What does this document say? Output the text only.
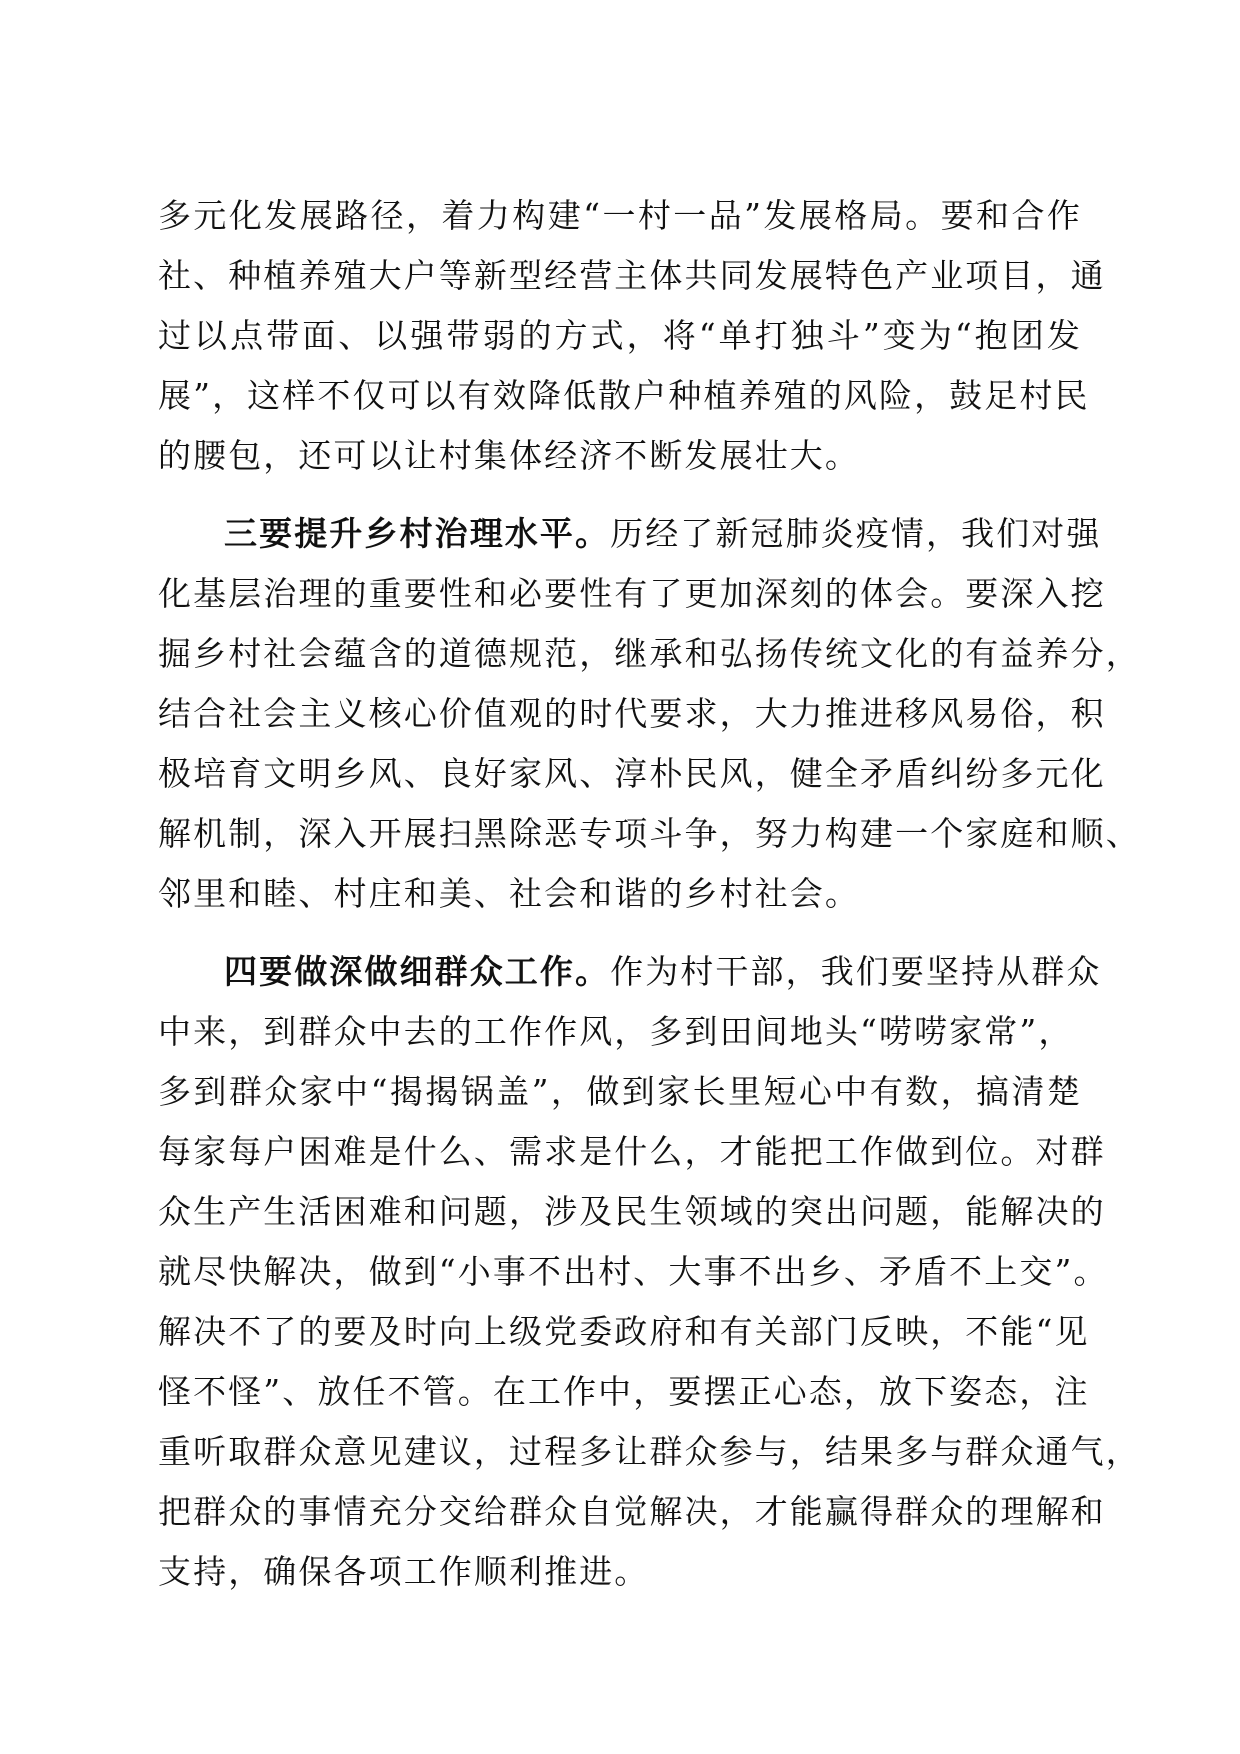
多元化发展路径，着力构建“一村一品”发展格局。要和合作
社、种植养殖大户等新型经营主体共同发展特色产业项目，通
过以点带面、以强带弱的方式，将“单打独斗”变为“抱团发
展”，这样不仅可以有效降低散户种植养殖的风险，鼓足村民
的腰包，还可以让村集体经济不断发展壮大。
三要提升乡村治理水平。历经了新冠肺炎疫情，我们对强
化基层治理的重要性和必要性有了更加深刻的体会。要深入挖
掘乡村社会蕴含的道德规范，继承和弘扬传统文化的有益养分，
结合社会主义核心价值观的时代要求，大力推进移风易俗，积
极培育文明乡风、良好家风、淳朴民风，健全矛盾纠纷多元化
解机制，深入开展扫黑除恶专项斗争，努力构建一个家庭和顺、
邻里和睦、村庄和美、社会和谐的乡村社会。
四要做深做细群众工作。作为村干部，我们要坚持从群众
中来，到群众中去的工作作风，多到田间地头“唠唠家常”，
多到群众家中“揭揭锅盖”，做到家长里短心中有数，搞清楚
每家每户困难是什么、需求是什么，才能把工作做到位。对群
众生产生活困难和问题，涉及民生领域的突出问题，能解决的
就尽快解决，做到“小事不出村、大事不出乡、矛盾不上交”。
解决不了的要及时向上级党委政府和有关部门反映，不能“见
怪不怪”、放任不管。在工作中，要摆正心态，放下姿态，注
重听取群众意见建议，过程多让群众参与，结果多与群众通气，
把群众的事情充分交给群众自觉解决，才能赢得群众的理解和
支持，确保各项工作顺利推进。
